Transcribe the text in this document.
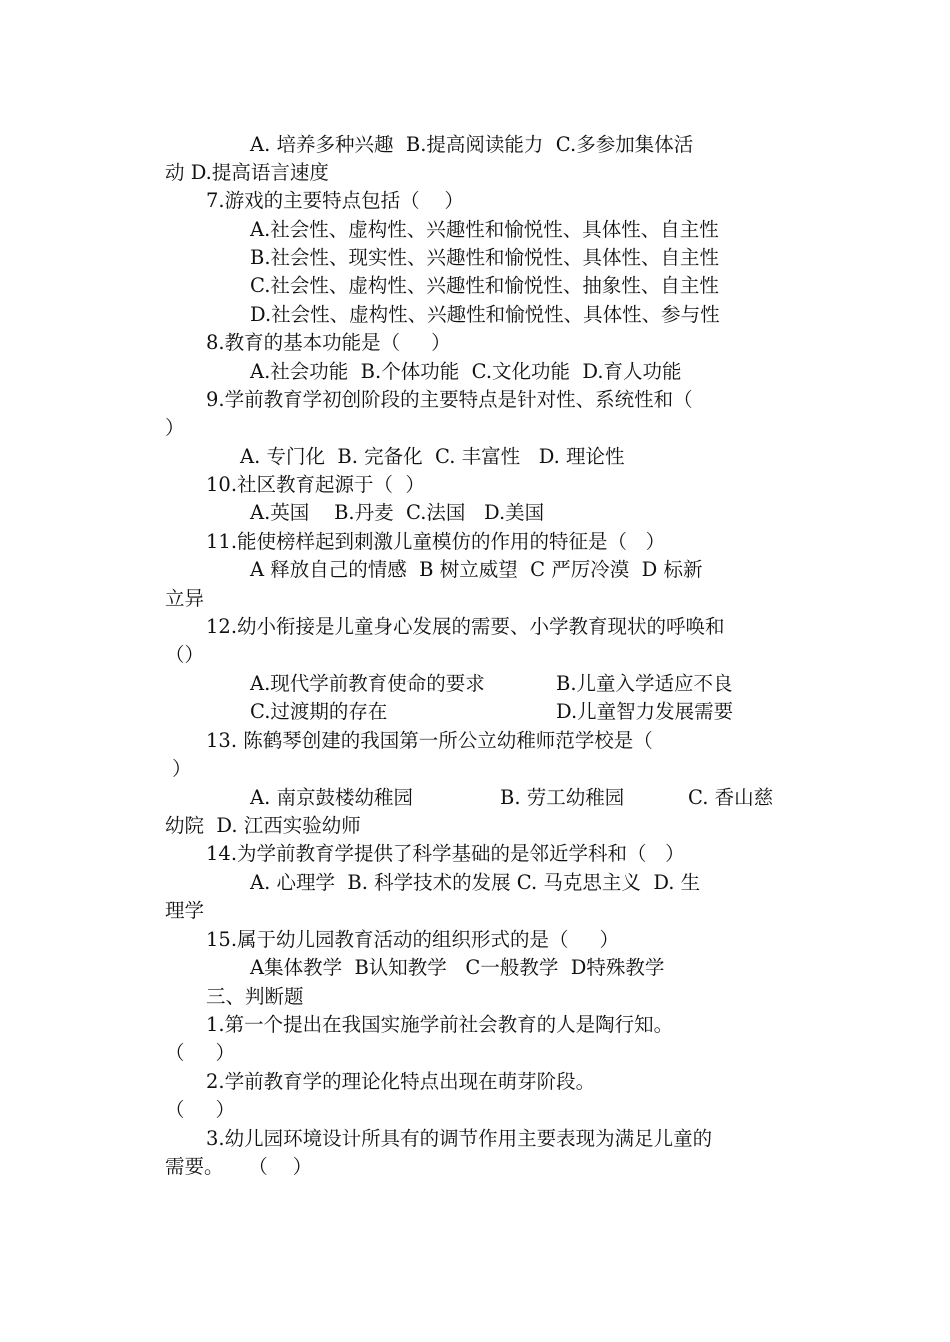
A. 培养多种兴趣  B.提高阅读能力  C.多参加集体活
动 D.提高语言速度
7.游戏的主要特点包括（    ）
A.社会性、虚构性、兴趣性和愉悦性、具体性、自主性
B.社会性、现实性、兴趣性和愉悦性、具体性、自主性
C.社会性、虚构性、兴趣性和愉悦性、抽象性、自主性
D.社会性、虚构性、兴趣性和愉悦性、具体性、参与性
8.教育的基本功能是（     ）
A.社会功能  B.个体功能  C.文化功能  D.育人功能
9.学前教育学初创阶段的主要特点是针对性、系统性和（
）
A. 专门化  B. 完备化  C. 丰富性   D. 理论性
10.社区教育起源于（  ）
A.英国    B.丹麦  C.法国   D.美国
11.能使榜样起到刺激儿童模仿的作用的特征是（   ）
A 释放自己的情感  B 树立威望  C 严厉冷漠  D 标新
立异
12.幼小衔接是儿童身心发展的需要、小学教育现状的呼唤和
（）
A.现代学前教育使命的要求	B.儿童入学适应不良
C.过渡期的存在	D.儿童智力发展需要
13. 陈鹤琴创建的我国第一所公立幼稚师范学校是（
）
A. 南京鼓楼幼稚园	B. 劳工幼稚园	C. 香山慈
幼院  D. 江西实验幼师
14.为学前教育学提供了科学基础的是邻近学科和（   ）
A. 心理学  B. 科学技术的发展 C. 马克思主义  D. 生
理学
15.属于幼儿园教育活动的组织形式的是（     ）
A集体教学  B认知教学   C一般教学  D特殊教学
三、判断题
1.第一个提出在我国实施学前社会教育的人是陶行知。
（     ）
2.学前教育学的理论化特点出现在萌芽阶段。
（     ）
3.幼儿园环境设计所具有的调节作用主要表现为满足儿童的
需要。    （    ）
